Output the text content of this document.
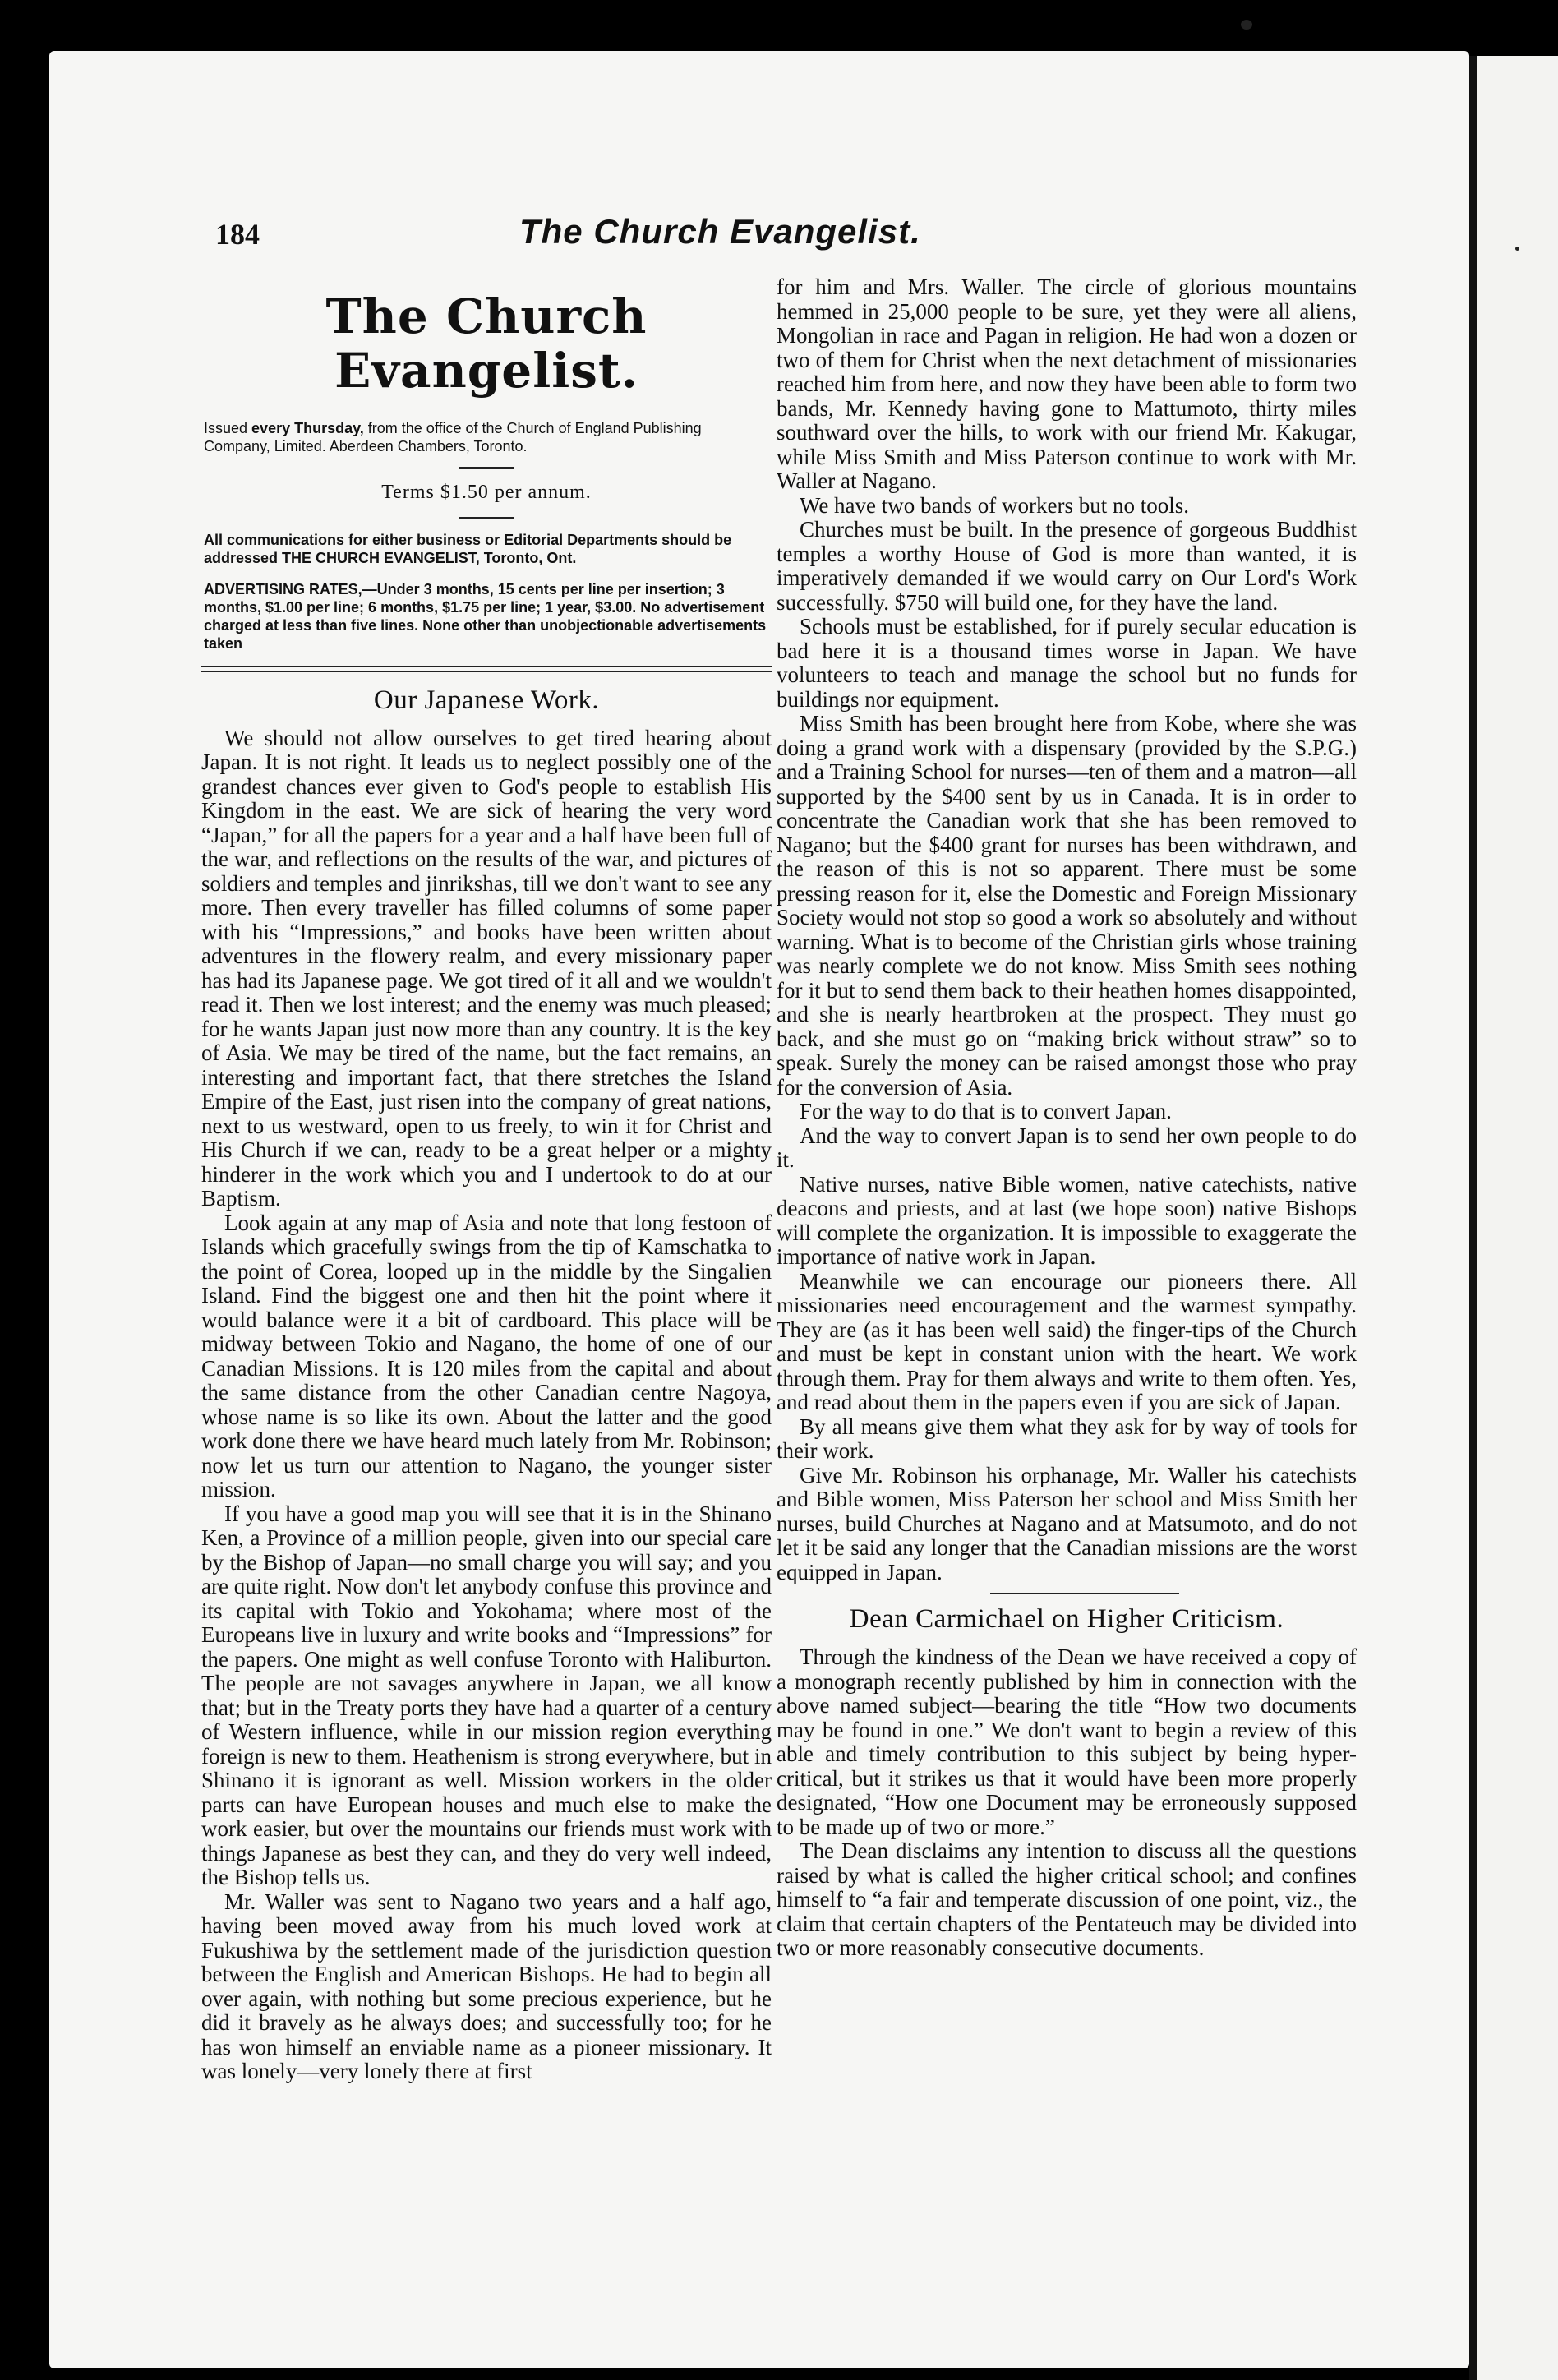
184	The Church Evangelist.
The Church Evangelist.
Issued every Thursday, from the office of the Church of England Publishing Company, Limited. Aberdeen Chambers, Toronto.
Terms $1.50 per annum.
All communications for either business or Editorial Departments should be addressed THE CHURCH EVANGELIST, Toronto, Ont.
ADVERTISING RATES,—Under 3 months, 15 cents per line per insertion; 3 months, $1.00 per line; 6 months, $1.75 per line; 1 year, $3.00. No advertisement charged at less than five lines. None other than unobjectionable advertisements taken
Our Japanese Work.

We should not allow ourselves to get tired hearing about Japan. It is not right. It leads us to neglect possibly one of the grandest chances ever given to God's people to establish His Kingdom in the east. We are sick of hearing the very word “Japan,” for all the papers for a year and a half have been full of the war, and reflections on the results of the war, and pictures of soldiers and temples and jinrikshas, till we don't want to see any more. Then every traveller has filled columns of some paper with his “Impressions,” and books have been written about adventures in the flowery realm, and every missionary paper has had its Japanese page. We got tired of it all and we wouldn't read it. Then we lost interest; and the enemy was much pleased; for he wants Japan just now more than any country. It is the key of Asia. We may be tired of the name, but the fact remains, an interesting and important fact, that there stretches the Island Empire of the East, just risen into the company of great nations, next to us westward, open to us freely, to win it for Christ and His Church if we can, ready to be a great helper or a mighty hinderer in the work which you and I undertook to do at our Baptism.

Look again at any map of Asia and note that long festoon of Islands which gracefully swings from the tip of Kamschatka to the point of Corea, looped up in the middle by the Singalien Island. Find the biggest one and then hit the point where it would balance were it a bit of cardboard. This place will be midway between Tokio and Nagano, the home of one of our Canadian Missions. It is 120 miles from the capital and about the same distance from the other Canadian centre Nagoya, whose name is so like its own. About the latter and the good work done there we have heard much lately from Mr. Robinson; now let us turn our attention to Nagano, the younger sister mission.

If you have a good map you will see that it is in the Shinano Ken, a Province of a million people, given into our special care by the Bishop of Japan—no small charge you will say; and you are quite right. Now don't let anybody confuse this province and its capital with Tokio and Yokohama; where most of the Europeans live in luxury and write books and “Impressions” for the papers. One might as well confuse Toronto with Haliburton. The people are not savages anywhere in Japan, we all know that; but in the Treaty ports they have had a quarter of a century of Western influence, while in our mission region everything foreign is new to them. Heathenism is strong everywhere, but in Shinano it is ignorant as well. Mission workers in the older parts can have European houses and much else to make the work easier, but over the mountains our friends must work with things Japanese as best they can, and they do very well indeed, the Bishop tells us.

Mr. Waller was sent to Nagano two years and a half ago, having been moved away from his much loved work at Fukushiwa by the settlement made of the jurisdiction question between the English and American Bishops. He had to begin all over again, with nothing but some precious experience, but he did it bravely as he always does; and successfully too; for he has won himself an enviable name as a pioneer missionary. It was lonely—very lonely there at first

for him and Mrs. Waller. The circle of glorious mountains hemmed in 25,000 people to be sure, yet they were all aliens, Mongolian in race and Pagan in religion. He had won a dozen or two of them for Christ when the next detachment of missionaries reached him from here, and now they have been able to form two bands, Mr. Kennedy having gone to Mattumoto, thirty miles southward over the hills, to work with our friend Mr. Kakugar, while Miss Smith and Miss Paterson continue to work with Mr. Waller at Nagano.

We have two bands of workers but no tools.

Churches must be built. In the presence of gorgeous Buddhist temples a worthy House of God is more than wanted, it is imperatively demanded if we would carry on Our Lord's Work successfully. $750 will build one, for they have the land.

Schools must be established, for if purely secular education is bad here it is a thousand times worse in Japan. We have volunteers to teach and manage the school but no funds for buildings nor equipment.

Miss Smith has been brought here from Kobe, where she was doing a grand work with a dispensary (provided by the S.P.G.) and a Training School for nurses—ten of them and a matron—all supported by the $400 sent by us in Canada. It is in order to concentrate the Canadian work that she has been removed to Nagano; but the $400 grant for nurses has been withdrawn, and the reason of this is not so apparent. There must be some pressing reason for it, else the Domestic and Foreign Missionary Society would not stop so good a work so absolutely and without warning. What is to become of the Christian girls whose training was nearly complete we do not know. Miss Smith sees nothing for it but to send them back to their heathen homes disappointed, and she is nearly heartbroken at the prospect. They must go back, and she must go on “making brick without straw” so to speak. Surely the money can be raised amongst those who pray for the conversion of Asia.

For the way to do that is to convert Japan.

And the way to convert Japan is to send her own people to do it.

Native nurses, native Bible women, native catechists, native deacons and priests, and at last (we hope soon) native Bishops will complete the organization. It is impossible to exaggerate the importance of native work in Japan.

Meanwhile we can encourage our pioneers there. All missionaries need encouragement and the warmest sympathy. They are (as it has been well said) the finger-tips of the Church and must be kept in constant union with the heart. We work through them. Pray for them always and write to them often. Yes, and read about them in the papers even if you are sick of Japan.

By all means give them what they ask for by way of tools for their work.

Give Mr. Robinson his orphanage, Mr. Waller his catechists and Bible women, Miss Paterson her school and Miss Smith her nurses, build Churches at Nagano and at Matsumoto, and do not let it be said any longer that the Canadian missions are the worst equipped in Japan.

Dean Carmichael on Higher Criticism.

Through the kindness of the Dean we have received a copy of a monograph recently published by him in connection with the above named subject—bearing the title “How two documents may be found in one.” We don't want to begin a review of this able and timely contribution to this subject by being hyper-critical, but it strikes us that it would have been more properly designated, “How one Document may be erroneously supposed to be made up of two or more.”

The Dean disclaims any intention to discuss all the questions raised by what is called the higher critical school; and confines himself to “a fair and temperate discussion of one point, viz., the claim that certain chapters of the Pentateuch may be divided into two or more reasonably consecutive documents.
